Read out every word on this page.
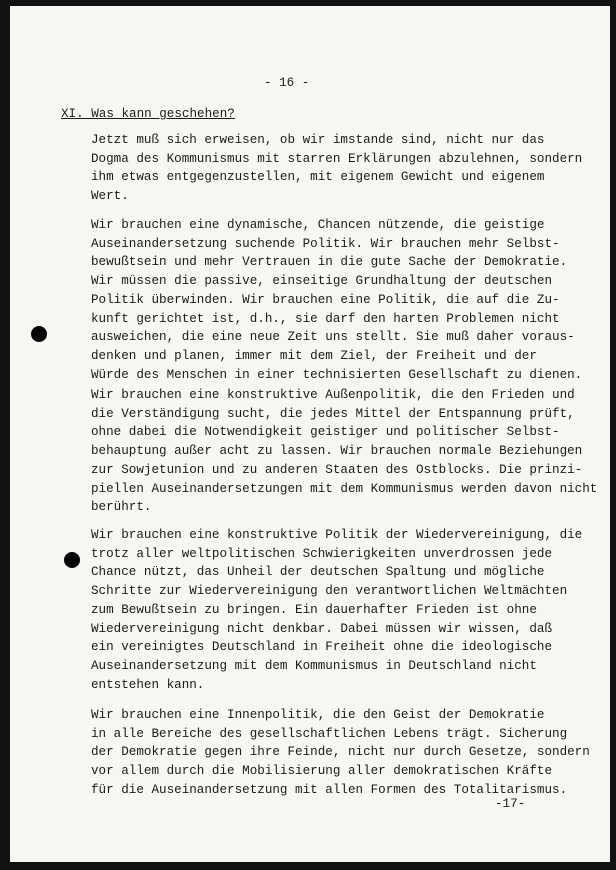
- 16 -
XI. Was kann geschehen?
Jetzt muß sich erweisen, ob wir imstande sind, nicht nur das
Dogma des Kommunismus mit starren Erklärungen abzulehnen, sondern
ihm etwas entgegenzustellen, mit eigenem Gewicht und eigenem
Wert.
Wir brauchen eine dynamische, Chancen nützende, die geistige
Auseinandersetzung suchende Politik. Wir brauchen mehr Selbst-
bewußtsein und mehr Vertrauen in die gute Sache der Demokratie.
Wir müssen die passive, einseitige Grundhaltung der deutschen
Politik überwinden. Wir brauchen eine Politik, die auf die Zu-
kunft gerichtet ist, d.h., sie darf den harten Problemen nicht
ausweichen, die eine neue Zeit uns stellt. Sie muß daher voraus-
denken und planen, immer mit dem Ziel, der Freiheit und der
Würde des Menschen in einer technisierten Gesellschaft zu dienen.
Wir brauchen eine konstruktive Außenpolitik, die den Frieden und
die Verständigung sucht, die jedes Mittel der Entspannung prüft,
ohne dabei die Notwendigkeit geistiger und politischer Selbst-
behauptung außer acht zu lassen. Wir brauchen normale Beziehungen
zur Sowjetunion und zu anderen Staaten des Ostblocks. Die prinzi-
piellen Auseinandersetzungen mit dem Kommunismus werden davon nicht
berührt.
Wir brauchen eine konstruktive Politik der Wiedervereinigung, die
trotz aller weltpolitischen Schwierigkeiten unverdrossen jede
Chance nützt, das Unheil der deutschen Spaltung und mögliche
Schritte zur Wiedervereinigung den verantwortlichen Weltmächten
zum Bewußtsein zu bringen. Ein dauerhafter Frieden ist ohne
Wiedervereinigung nicht denkbar. Dabei müssen wir wissen, daß
ein vereinigtes Deutschland in Freiheit ohne die ideologische
Auseinandersetzung mit dem Kommunismus in Deutschland nicht
entstehen kann.
Wir brauchen eine Innenpolitik, die den Geist der Demokratie
in alle Bereiche des gesellschaftlichen Lebens trägt. Sicherung
der Demokratie gegen ihre Feinde, nicht nur durch Gesetze, sondern
vor allem durch die Mobilisierung aller demokratischen Kräfte
für die Auseinandersetzung mit allen Formen des Totalitarismus.
-17-
